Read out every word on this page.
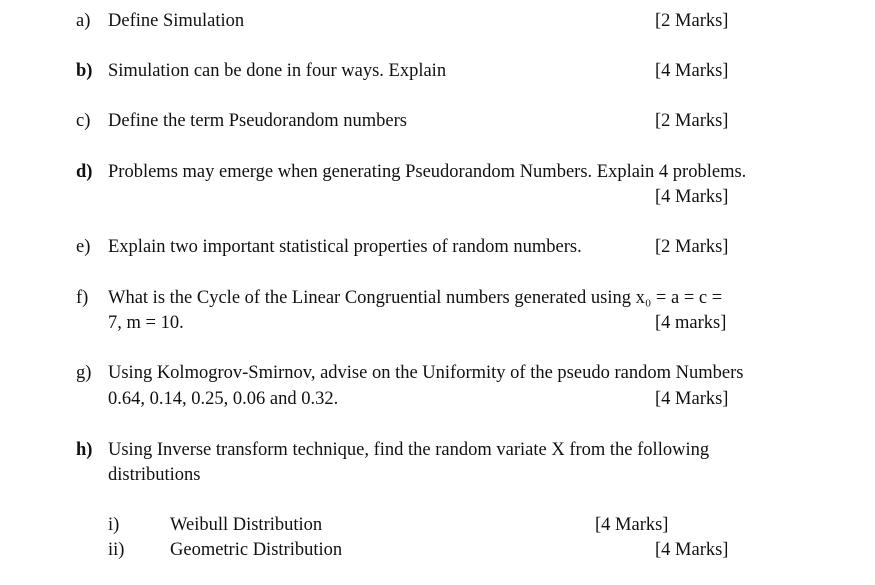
a) Define Simulation	[2 Marks]
b) Simulation can be done in four ways. Explain	[4 Marks]
c) Define the term Pseudorandom numbers	[2 Marks]
d) Problems may emerge when generating Pseudorandom Numbers. Explain 4 problems.
[4 Marks]
e) Explain two important statistical properties of random numbers.	[2 Marks]
f) What is the Cycle of the Linear Congruential numbers generated using x₀ = a = c =
7, m = 10.	[4 marks]
g) Using Kolmogrov-Smirnov, advise on the Uniformity of the pseudo random Numbers
0.64, 0.14, 0.25, 0.06 and 0.32.	[4 Marks]
h) Using Inverse transform technique, find the random variate X from the following
distributions
i)	Weibull Distribution	[4 Marks]
ii) Geometric Distribution	[4 Marks]
